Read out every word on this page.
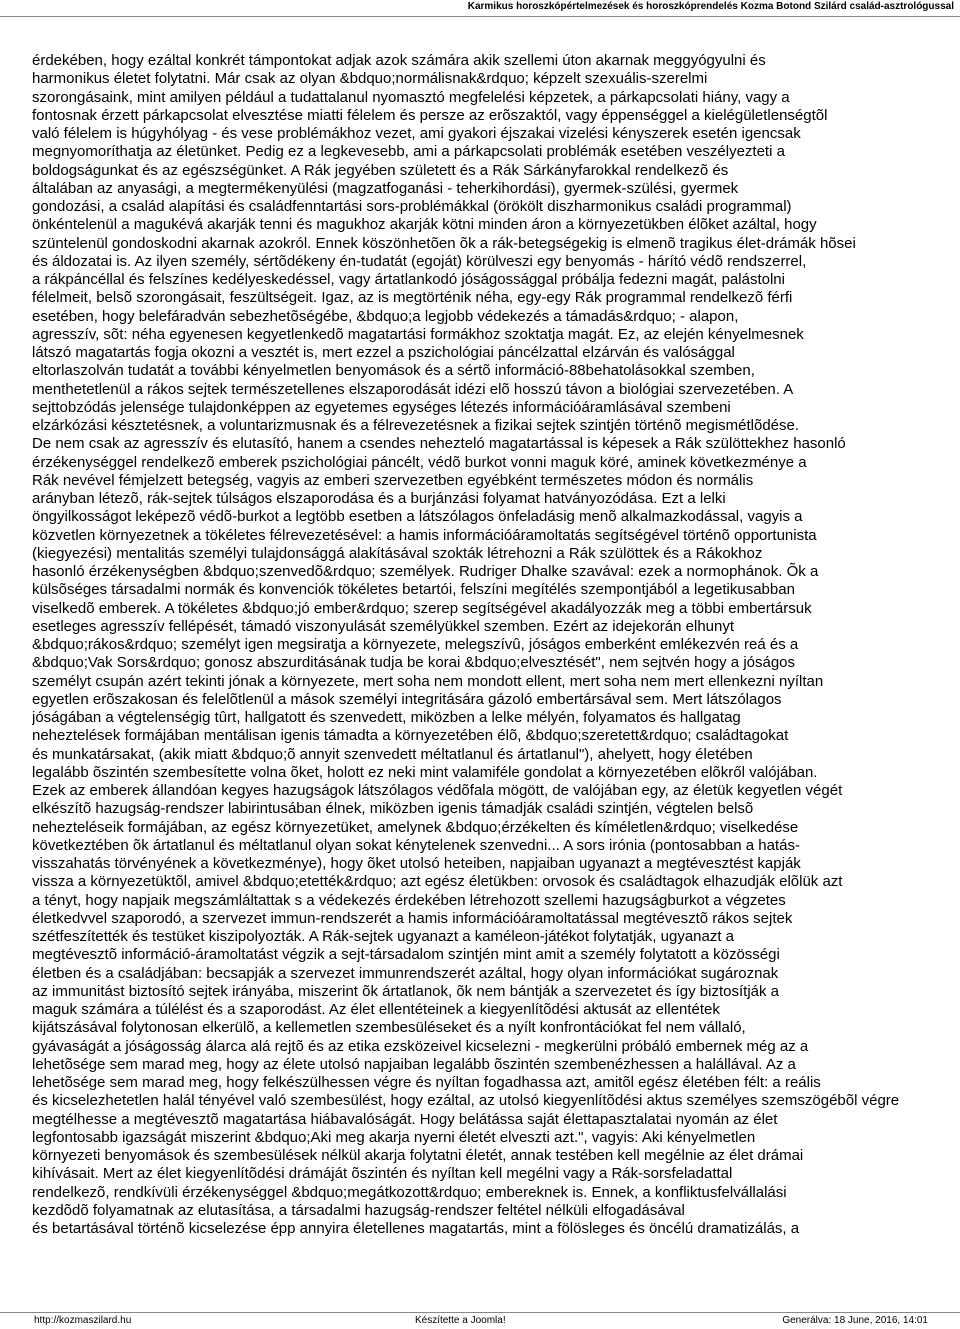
Karmikus horoszkópértelmezések és horoszkóprendelés Kozma Botond Szilárd család-asztrológussal
érdekében, hogy ezáltal konkrét támpontokat adjak azok számára akik szellemi úton akarnak meggyógyulni és
harmonikus életet folytatni. Már csak az olyan &bdquo;normálisnak&rdquo; képzelt szexuális-szerelmi
szorongásaink, mint amilyen például a tudattalanul nyomasztó megfelelési képzetek, a párkapcsolati hiány, vagy a
fontosnak érzett párkapcsolat elvesztése miatti félelem és persze az erõszaktól, vagy éppenséggel a kielégületlenségtõl
való félelem is húgyhólyag - és vese problémákhoz vezet, ami gyakori éjszakai vizelési kényszerek esetén igencsak
megnyomoríthatja az életünket. Pedig ez a legkevesebb, ami a párkapcsolati problémák esetében veszélyezteti a
boldogságunkat és az egészségünket. A Rák jegyében született és a Rák Sárkányfarokkal rendelkezõ és
általában az anyasági, a megtermékenyülési (magzatfoganási - teherkihordási), gyermek-szülési, gyermek
gondozási, a család alapítási és családfenntartási sors-problémákkal (örökölt diszharmonikus családi programmal)
önkéntelenül a magukévá akarják tenni és magukhoz akarják kötni minden áron a környezetükben élõket azáltal, hogy
szüntelenül gondoskodni akarnak azokról. Ennek köszönhetõen õk a rák-betegségekig is elmenõ tragikus élet-drámák hõsei
és áldozatai is. Az ilyen személy, sértõdékeny én-tudatát (egoját) körülveszi egy benyomás - hárító védõ rendszerrel,
a rákpáncéllal és felszínes kedélyeskedéssel, vagy ártatlankodó jóságossággal próbálja fedezni magát, palástolni
félelmeit, belsõ szorongásait, feszültségeit. Igaz, az is megtörténik néha, egy-egy Rák programmal rendelkezõ férfi
esetében, hogy belefáradván sebezhetõségébe, &bdquo;a legjobb védekezés a támadás&rdquo; - alapon,
agresszív, sõt: néha egyenesen kegyetlenkedõ magatartási formákhoz szoktatja magát. Ez, az elején kényelmesnek
látszó magatartás fogja okozni a vesztét is, mert ezzel a pszichológiai páncélzattal elzárván és valósággal
eltorlaszolván tudatát a további kényelmetlen benyomások és a sértõ információ-88behatolásokkal szemben,
menthetetlenül a rákos sejtek természetellenes elszaporodását idézi elõ hosszú távon a biológiai szervezetében. A
sejttobzódás jelensége tulajdonképpen az egyetemes egységes létezés információáramlásával szembeni
elzárkózási késztetésnek, a voluntarizmusnak és a félrevezetésnek a fizikai sejtek szintjén történõ megismétlõdése.
De nem csak az agresszív és elutasító, hanem a csendes nehezteló magatartással is képesek a Rák szülöttekhez hasonló
érzékenységgel rendelkezõ emberek pszichológiai páncélt, védõ burkot vonni maguk köré, aminek következménye a
Rák nevével fémjelzett betegség, vagyis az emberi szervezetben egyébként természetes módon és normális
arányban létezõ, rák-sejtek túlságos elszaporodása és a burjánzási folyamat hatványozódása. Ezt a lelki
öngyilkosságot leképezõ védõ-burkot a legtöbb esetben a látszólagos önfeladásig menõ alkalmazkodással, vagyis a
közvetlen környezetnek a tökéletes félrevezetésével: a hamis információáramoltatás segítségével történõ opportunista
(kiegyezési) mentalitás személyi tulajdonsággá alakításával szokták létrehozni a Rák szülöttek és a Rákokhoz
hasonló érzékenységben &bdquo;szenvedõ&rdquo; személyek. Rudriger Dhalke szavával: ezek a normophánok. Õk a
külsõséges társadalmi normák és konvenciók tökéletes betartói, felszíni megítélés szempontjából a legetikusabban
viselkedõ emberek. A tökéletes &bdquo;jó ember&rdquo; szerep segítségével akadályozzák meg a többi embertársuk
esetleges agresszív fellépését, támadó viszonyulását személyükkel szemben. Ezért az idejekorán elhunyt
&bdquo;rákos&rdquo; személyt igen megsiratja a környezete, melegszívû, jóságos emberként emlékezvén reá és a
&bdquo;Vak Sors&rdquo; gonosz abszurditásának tudja be korai &bdquo;elvesztését", nem sejtvén hogy a jóságos
személyt csupán azért tekinti jónak a környezete, mert soha nem mondott ellent, mert soha nem mert ellenkezni nyíltan
egyetlen erõszakosan és felelõtlenül a mások személyi integritására gázoló embertársával sem. Mert látszólagos
jóságában a végtelenségig tûrt, hallgatott és szenvedett, miközben a lelke mélyén, folyamatos és hallgatag
neheztelések formájában mentálisan igenis támadta a környezetében élõ, &bdquo;szeretett&rdquo; családtagokat
és munkatársakat, (akik miatt &bdquo;õ annyit szenvedett méltatlanul és ártatlanul"), ahelyett, hogy életében
legalább õszintén szembesítette volna õket, holott ez neki mint valamiféle gondolat a környezetében elõkről valójában.
Ezek az emberek állandóan kegyes hazugságok látszólagos védõfala mögött, de valójában egy, az életük kegyetlen végét
elkészítõ hazugság-rendszer labirintusában élnek, miközben igenis támadják családi szintjén, végtelen belsõ
nehezteléseik formájában, az egész környezetüket, amelynek &bdquo;érzékelten és kíméletlen&rdquo; viselkedése
következtében õk ártatlanul és méltatlanul olyan sokat kénytelenek szenvedni... A sors irónia (pontosabban a hatás-
visszahatás törvényének a következménye), hogy õket utolsó heteiben, napjaiban ugyanazt a megtévesztést kapják
vissza a környezetüktõl, amivel &bdquo;etették&rdquo; azt egész életükben: orvosok és családtagok elhazudják elõlük azt
a tényt, hogy napjaik megszámláltattak s a védekezés érdekében létrehozott szellemi hazugságburkot a végzetes
életkedvvel szaporodó, a szervezet immun-rendszerét a hamis információáramoltatással megtévesztõ rákos sejtek
szétfeszítették és testüket kiszipolyozták. A Rák-sejtek ugyanazt a kaméleon-játékot folytatják, ugyanazt a
megtévesztõ információ-áramoltatást végzik a sejt-társadalom szintjén mint amit a személy folytatott a közösségi
életben és a családjában: becsapják a szervezet immunrendszerét azáltal, hogy olyan információkat sugároznak
az immunitást biztosító sejtek irányába, miszerint õk ártatlanok, õk nem bántják a szervezetet és így biztosítják a
maguk számára a túlélést és a szaporodást. Az élet ellentéteinek a kiegyenlítõdési aktusát az ellentétek
kijátszásával folytonosan elkerülõ, a kellemetlen szembesüléseket és a nyílt konfrontációkat fel nem vállaló,
gyávaságát a jóságosság álarca alá rejtõ és az etika ezsközeivel kicselezni - megkerülni próbáló embernek még az a
lehetõsége sem marad meg, hogy az élete utolsó napjaiban legalább õszintén szembenézhessen a halállával. Az a
lehetõsége sem marad meg, hogy felkészülhessen végre és nyíltan fogadhassa azt, amitõl egész életében félt: a reális
és kicselezhetetlen halál tényével való szembesülést, hogy ezáltal, az utolsó kiegyenlítõdési aktus személyes szemszögébõl végre
megtélhesse a megtévesztõ magatartása hiábavalóságát. Hogy belátássa saját élettapasztalatai nyomán az élet
legfontosabb igazságát miszerint &bdquo;Aki meg akarja nyerni életét elveszti azt.", vagyis: Aki kényelmetlen
környezeti benyomások és szembesülések nélkül akarja folytatni életét, annak testében kell megélnie az élet drámai
kihívásait. Mert az élet kiegyenlítõdési drámáját õszintén és nyíltan kell megélni vagy a Rák-sorsfeladattal
rendelkezõ, rendkívüli érzékenységgel &bdquo;megátkozott&rdquo; embereknek is. Ennek, a konfliktusfelvállalási
kezdõdõ folyamatnak az elutasítása, a társadalmi hazugság-rendszer feltétel nélküli elfogadásával
és betartásával történõ kicselezése épp annyira életellenes magatartás, mint a fölösleges és öncélú dramatizálás, a
http://kozmaszilard.hu	Készítette a Joomla!	Generálva: 18 June, 2016, 14:01
